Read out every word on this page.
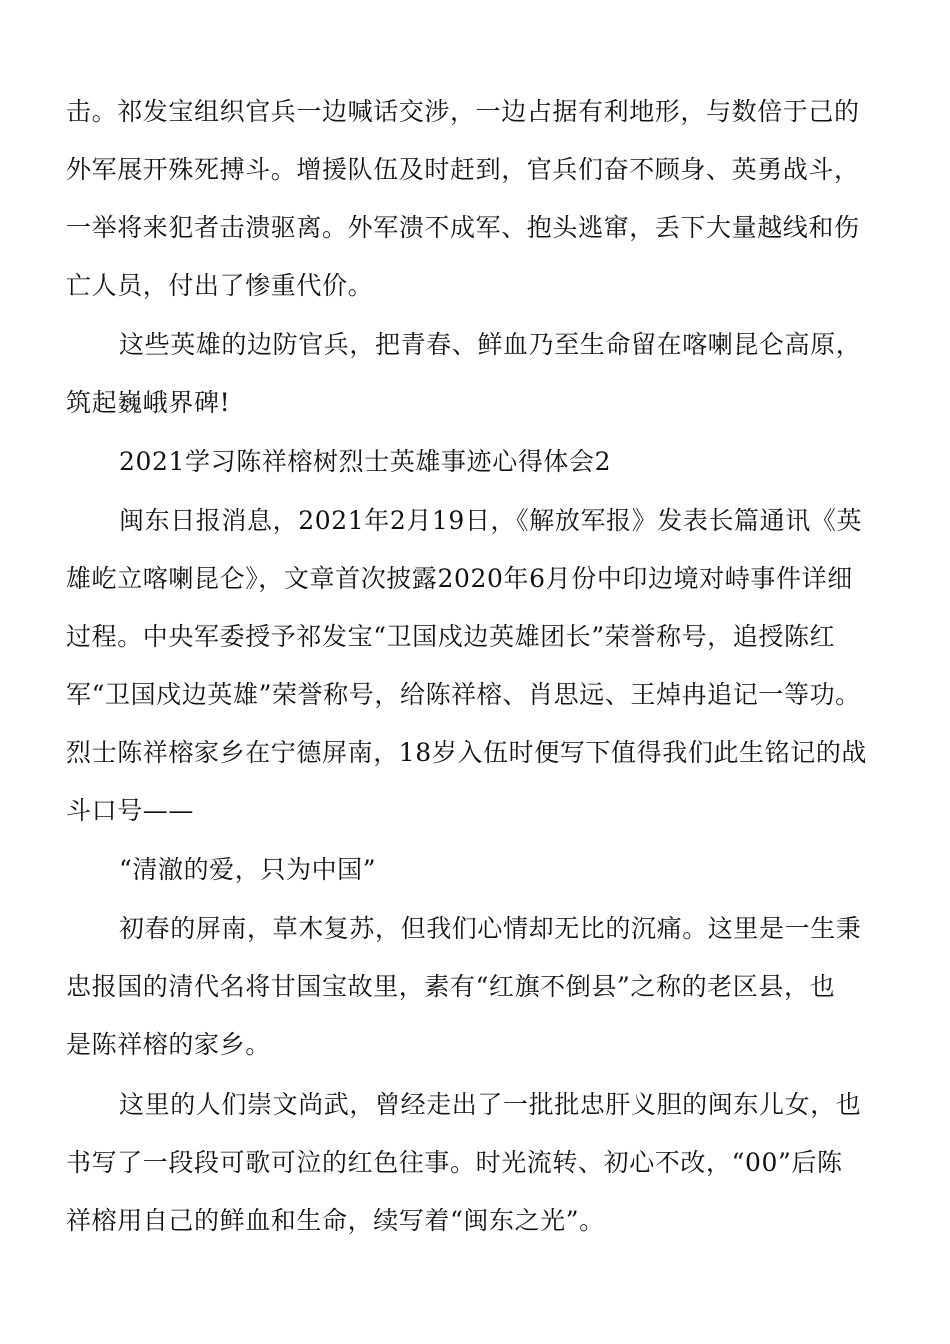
击。祁发宝组织官兵一边喊话交涉，一边占据有利地形，与数倍于己的
外军展开殊死搏斗。增援队伍及时赶到，官兵们奋不顾身、英勇战斗，
一举将来犯者击溃驱离。外军溃不成军、抱头逃窜，丢下大量越线和伤
亡人员，付出了惨重代价。
这些英雄的边防官兵，把青春、鲜血乃至生命留在喀喇昆仑高原，
筑起巍峨界碑!
2021学习陈祥榕树烈士英雄事迹心得体会2
闽东日报消息，2021年2月19日，《解放军报》发表长篇通讯《英
雄屹立喀喇昆仑》，文章首次披露2020年6月份中印边境对峙事件详细
过程。中央军委授予祁发宝“卫国戍边英雄团长”荣誉称号，追授陈红
军“卫国戍边英雄”荣誉称号，给陈祥榕、肖思远、王焯冉追记一等功。
烈士陈祥榕家乡在宁德屏南，18岁入伍时便写下值得我们此生铭记的战
斗口号——
“清澈的爱，只为中国”
初春的屏南，草木复苏，但我们心情却无比的沉痛。这里是一生秉
忠报国的清代名将甘国宝故里，素有“红旗不倒县”之称的老区县，也
是陈祥榕的家乡。
这里的人们崇文尚武，曾经走出了一批批忠肝义胆的闽东儿女，也
书写了一段段可歌可泣的红色往事。时光流转、初心不改，“00”后陈
祥榕用自己的鲜血和生命，续写着“闽东之光”。
